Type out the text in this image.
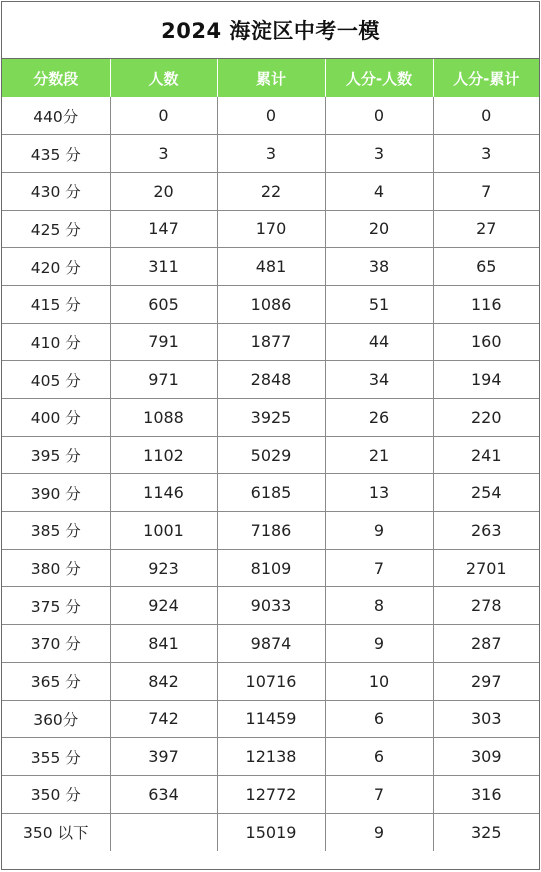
2024 海淀区中考一模
分数段	人数	累计	人分-人数	人分-累计
440分	0	0	0	0
435 分	3	3	3	3
430 分	20	22	4	7
425 分	147	170	20	27
420 分	311	481	38	65
415 分	605	1086	51	116
410 分	791	1877	44	160
405 分	971	2848	34	194
400 分	1088	3925	26	220
395 分	1102	5029	21	241
390 分	1146	6185	13	254
385 分	1001	7186	9	263
380 分	923	8109	7	2701
375 分	924	9033	8	278
370 分	841	9874	9	287
365 分	842	10716	10	297
360分	742	11459	6	303
355 分	397	12138	6	309
350 分	634	12772	7	316
350 以下		15019	9	325
